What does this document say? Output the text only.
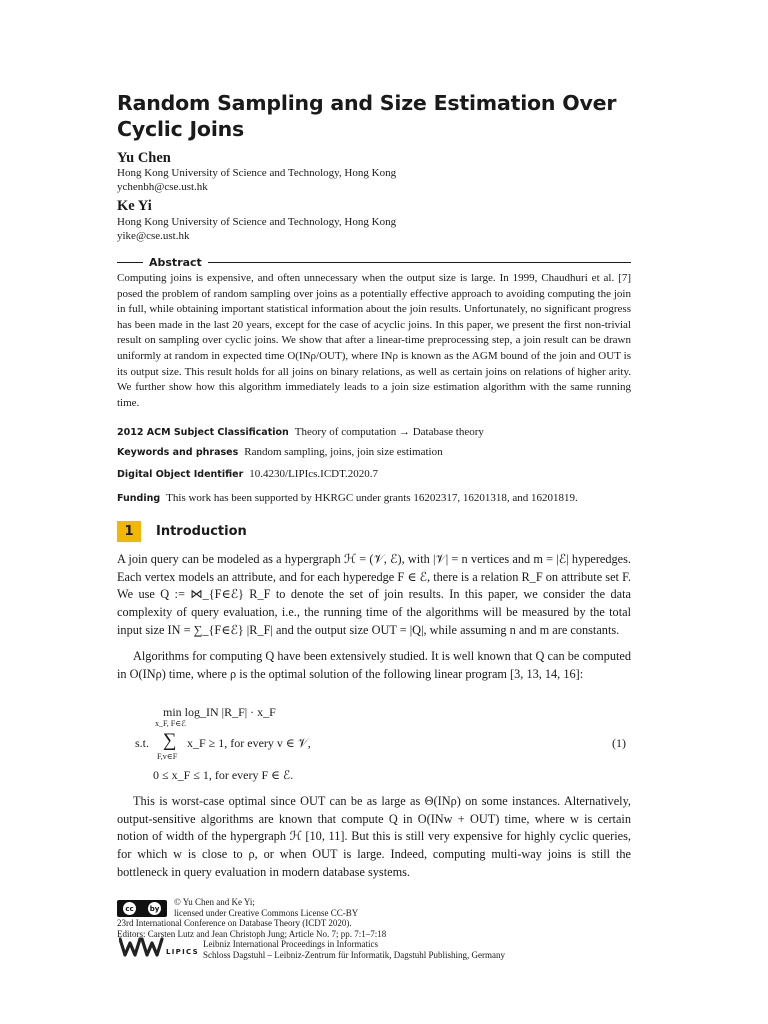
Random Sampling and Size Estimation Over
Cyclic Joins
Yu Chen
Hong Kong University of Science and Technology, Hong Kong
ychenbh@cse.ust.hk
Ke Yi
Hong Kong University of Science and Technology, Hong Kong
yike@cse.ust.hk
Abstract
Computing joins is expensive, and often unnecessary when the output size is large. In 1999, Chaudhuri et al. [7] posed the problem of random sampling over joins as a potentially effective approach to avoiding computing the join in full, while obtaining important statistical information about the join results. Unfortunately, no significant progress has been made in the last 20 years, except for the case of acyclic joins. In this paper, we present the first non-trivial result on sampling over cyclic joins. We show that after a linear-time preprocessing step, a join result can be drawn uniformly at random in expected time O(INρ/OUT), where INρ is known as the AGM bound of the join and OUT is its output size. This result holds for all joins on binary relations, as well as certain joins on relations of higher arity. We further show how this algorithm immediately leads to a join size estimation algorithm with the same running time.
2012 ACM Subject Classification Theory of computation → Database theory
Keywords and phrases Random sampling, joins, join size estimation
Digital Object Identifier 10.4230/LIPIcs.ICDT.2020.7
Funding This work has been supported by HKRGC under grants 16202317, 16201318, and 16201819.
1	Introduction
A join query can be modeled as a hypergraph ℋ = (𝒱, ℰ), with |𝒱| = n vertices and m = |ℰ| hyperedges. Each vertex models an attribute, and for each hyperedge F ∈ ℰ, there is a relation R_F on attribute set F. We use Q := ⋈_{F∈ℰ} R_F to denote the set of join results. In this paper, we consider the data complexity of query evaluation, i.e., the running time of the algorithms will be measured by the total input size IN = ∑_{F∈ℰ} |R_F| and the output size OUT = |Q|, while assuming n and m are constants.
Algorithms for computing Q have been extensively studied. It is well known that Q can be computed in O(INρ) time, where ρ is the optimal solution of the following linear program [3, 13, 14, 16]:
min log_IN |R_F| · x_F
x_F, F∈ℰ
s.t. ∑ x_F ≥ 1, for every v ∈ 𝒱,
F,v∈F
0 ≤ x_F ≤ 1, for every F ∈ ℰ.
(1)
This is worst-case optimal since OUT can be as large as Θ(INρ) on some instances. Alternatively, output-sensitive algorithms are known that compute Q in O(INw + OUT) time, where w is certain notion of width of the hypergraph ℋ [10, 11]. But this is still very expensive for highly cyclic queries, for which w is close to ρ, or when OUT is large. Indeed, computing multi-way joins is still the bottleneck in query evaluation in modern database systems.
cc	by
© Yu Chen and Ke Yi;
licensed under Creative Commons License CC-BY
23rd International Conference on Database Theory (ICDT 2020).
Editors: Carsten Lutz and Jean Christoph Jung; Article No. 7; pp. 7:1–7:18
Leibniz International Proceedings in Informatics
Schloss Dagstuhl – Leibniz-Zentrum für Informatik, Dagstuhl Publishing, Germany
LIPICS
